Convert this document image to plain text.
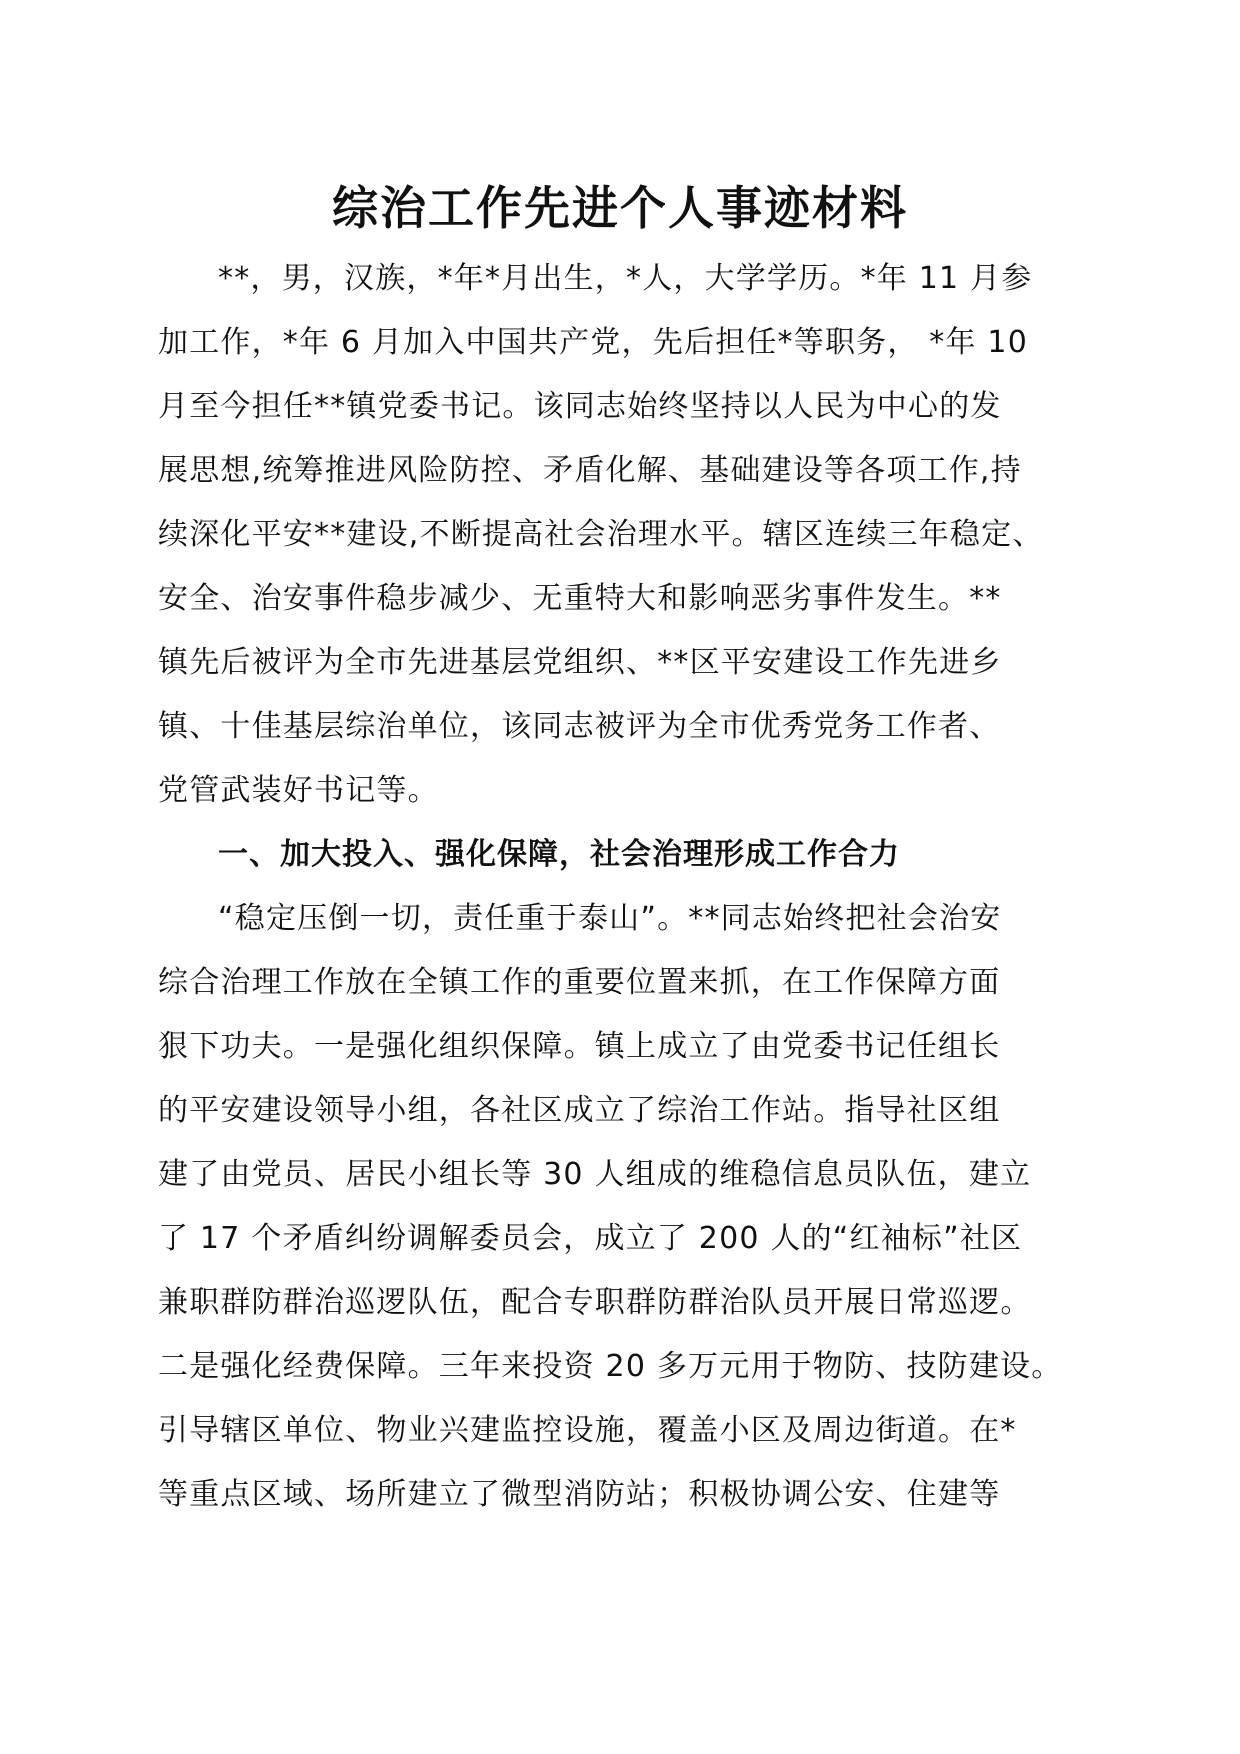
综治工作先进个人事迹材料

**，男，汉族，*年*月出生，*人，大学学历。*年 11 月参

加工作，*年 6 月加入中国共产党，先后担任*等职务， *年 10

月至今担任**镇党委书记。该同志始终坚持以人民为中心的发

展思想,统筹推进风险防控、矛盾化解、基础建设等各项工作,持

续深化平安**建设,不断提高社会治理水平。辖区连续三年稳定、

安全、治安事件稳步减少、无重特大和影响恶劣事件发生。**

镇先后被评为全市先进基层党组织、**区平安建设工作先进乡

镇、十佳基层综治单位，该同志被评为全市优秀党务工作者、

党管武装好书记等。

一、加大投入、强化保障，社会治理形成工作合力

“稳定压倒一切，责任重于泰山”。**同志始终把社会治安

综合治理工作放在全镇工作的重要位置来抓，在工作保障方面

狠下功夫。一是强化组织保障。镇上成立了由党委书记任组长

的平安建设领导小组，各社区成立了综治工作站。指导社区组

建了由党员、居民小组长等 30 人组成的维稳信息员队伍，建立

了 17 个矛盾纠纷调解委员会，成立了 200 人的“红袖标”社区

兼职群防群治巡逻队伍，配合专职群防群治队员开展日常巡逻。

二是强化经费保障。三年来投资 20 多万元用于物防、技防建设。

引导辖区单位、物业兴建监控设施，覆盖小区及周边街道。在*

等重点区域、场所建立了微型消防站；积极协调公安、住建等
